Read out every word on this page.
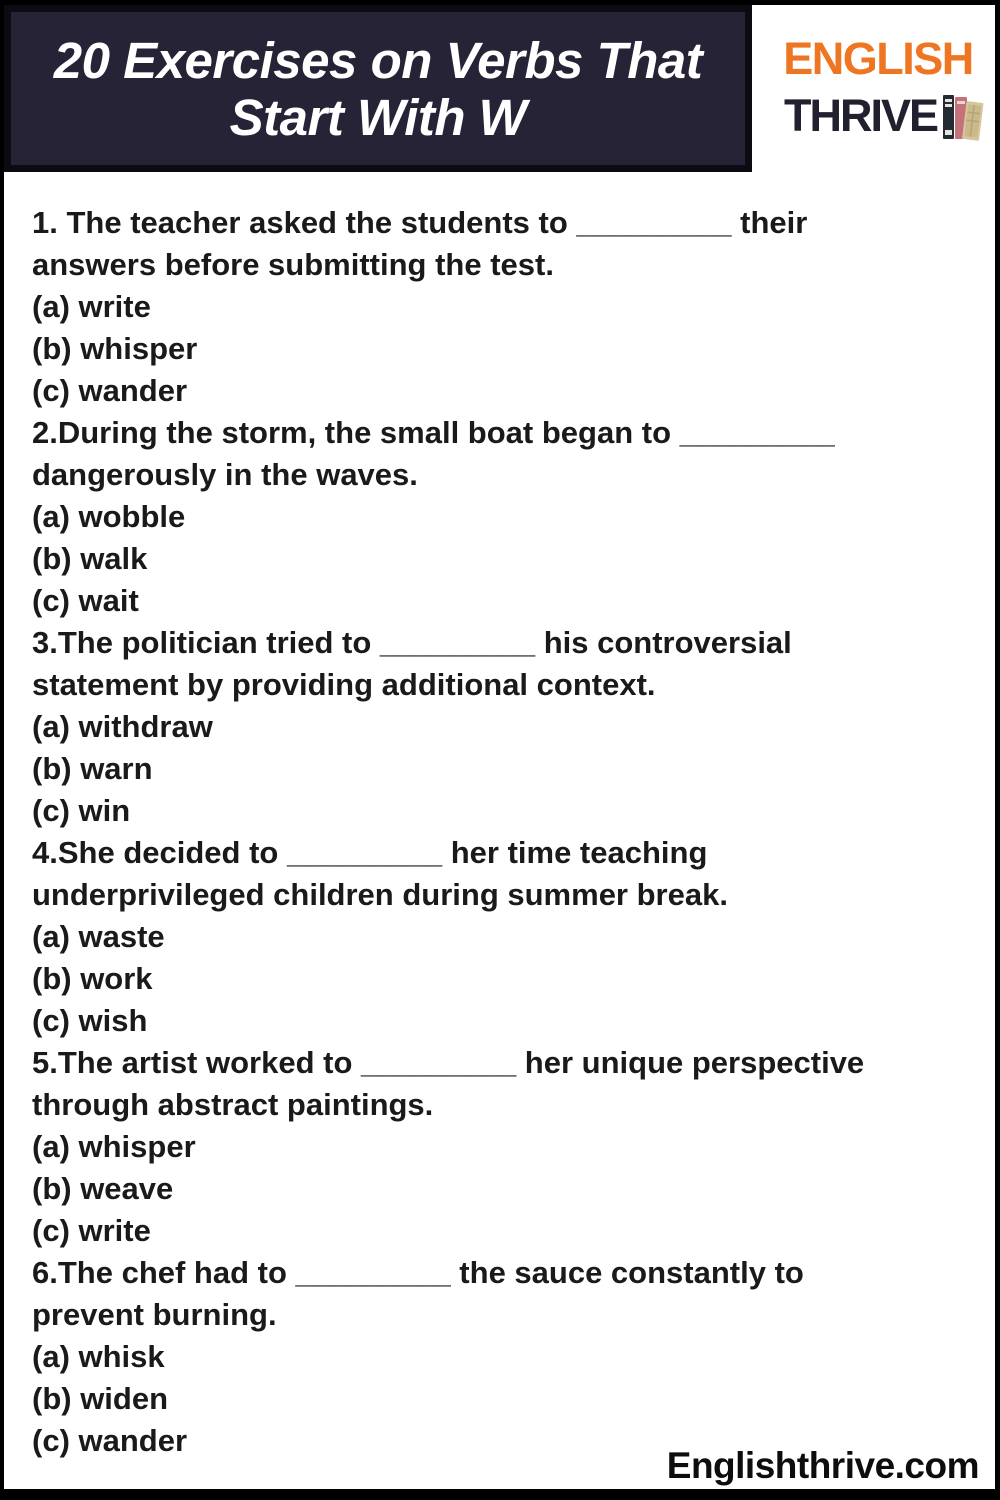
20 Exercises on Verbs That
Start With W
ENGLISH
THRIVE

1. The teacher asked the students to _________ their answers before submitting the test.

(a) write

(b) whisper

(c) wander

2.During the storm, the small boat began to _________ dangerously in the waves.

(a) wobble

(b) walk

(c) wait

3.The politician tried to _________ his controversial statement by providing additional context.

(a) withdraw

(b) warn

(c) win

4.She decided to _________ her time teaching underprivileged children during summer break.

(a) waste

(b) work

(c) wish

5.The artist worked to _________ her unique perspective through abstract paintings.

(a) whisper

(b) weave

(c) write

6.The chef had to _________ the sauce constantly to prevent burning.

(a) whisk

(b) widen

(c) wander

Englishthrive.com
